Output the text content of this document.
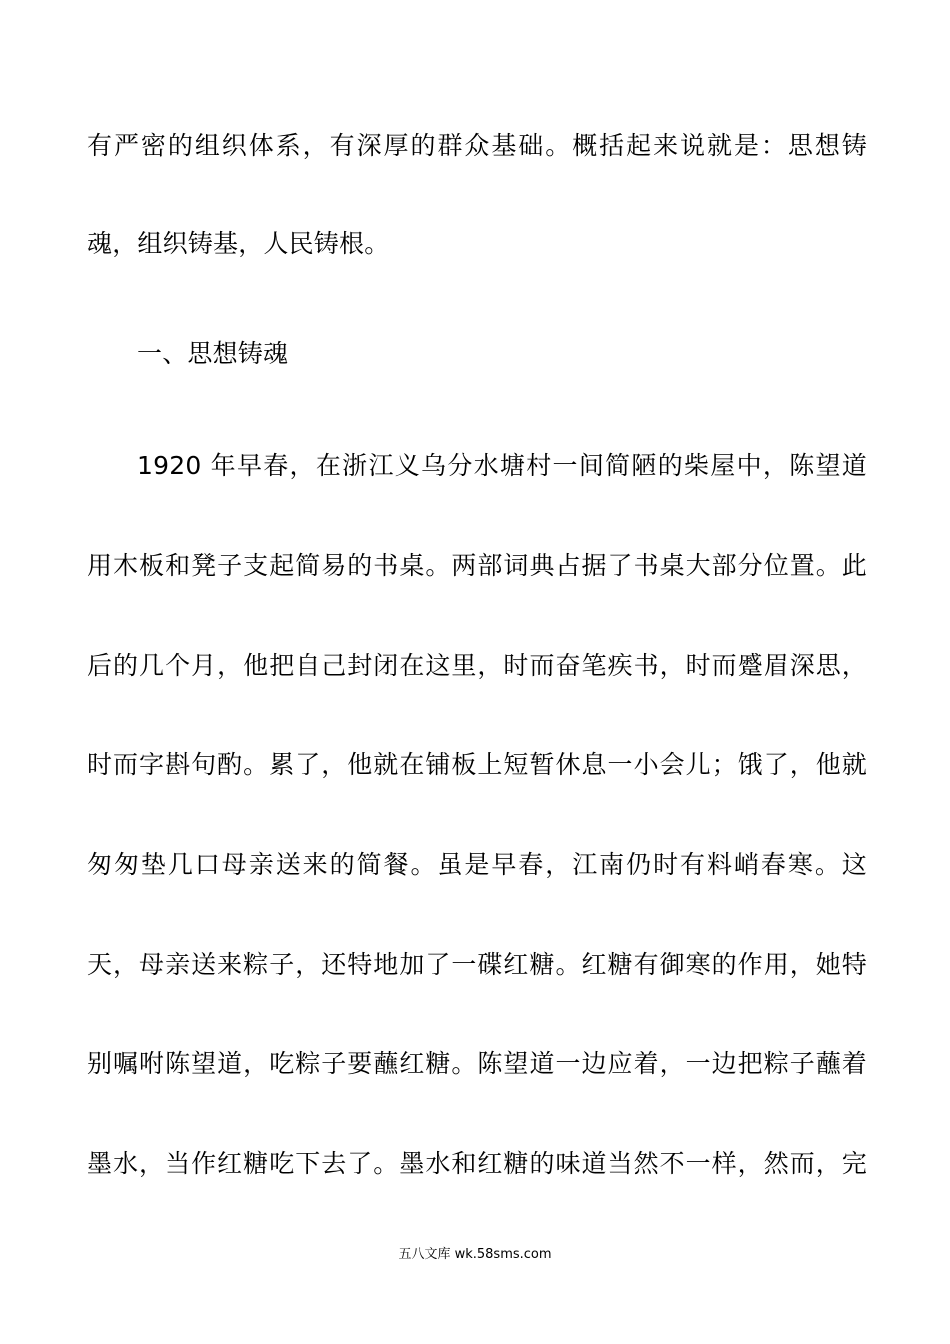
有严密的组织体系，有深厚的群众基础。概括起来说就是：思想铸
魂，组织铸基，人民铸根。
一、思想铸魂
1920 年早春，在浙江义乌分水塘村一间简陋的柴屋中，陈望道
用木板和凳子支起简易的书桌。两部词典占据了书桌大部分位置。此
后的几个月，他把自己封闭在这里，时而奋笔疾书，时而蹙眉深思，
时而字斟句酌。累了，他就在铺板上短暂休息一小会儿；饿了，他就
匆匆垫几口母亲送来的简餐。虽是早春，江南仍时有料峭春寒。这
天，母亲送来粽子，还特地加了一碟红糖。红糖有御寒的作用，她特
别嘱咐陈望道，吃粽子要蘸红糖。陈望道一边应着，一边把粽子蘸着
墨水，当作红糖吃下去了。墨水和红糖的味道当然不一样，然而，完
五八文库 wk.58sms.com
